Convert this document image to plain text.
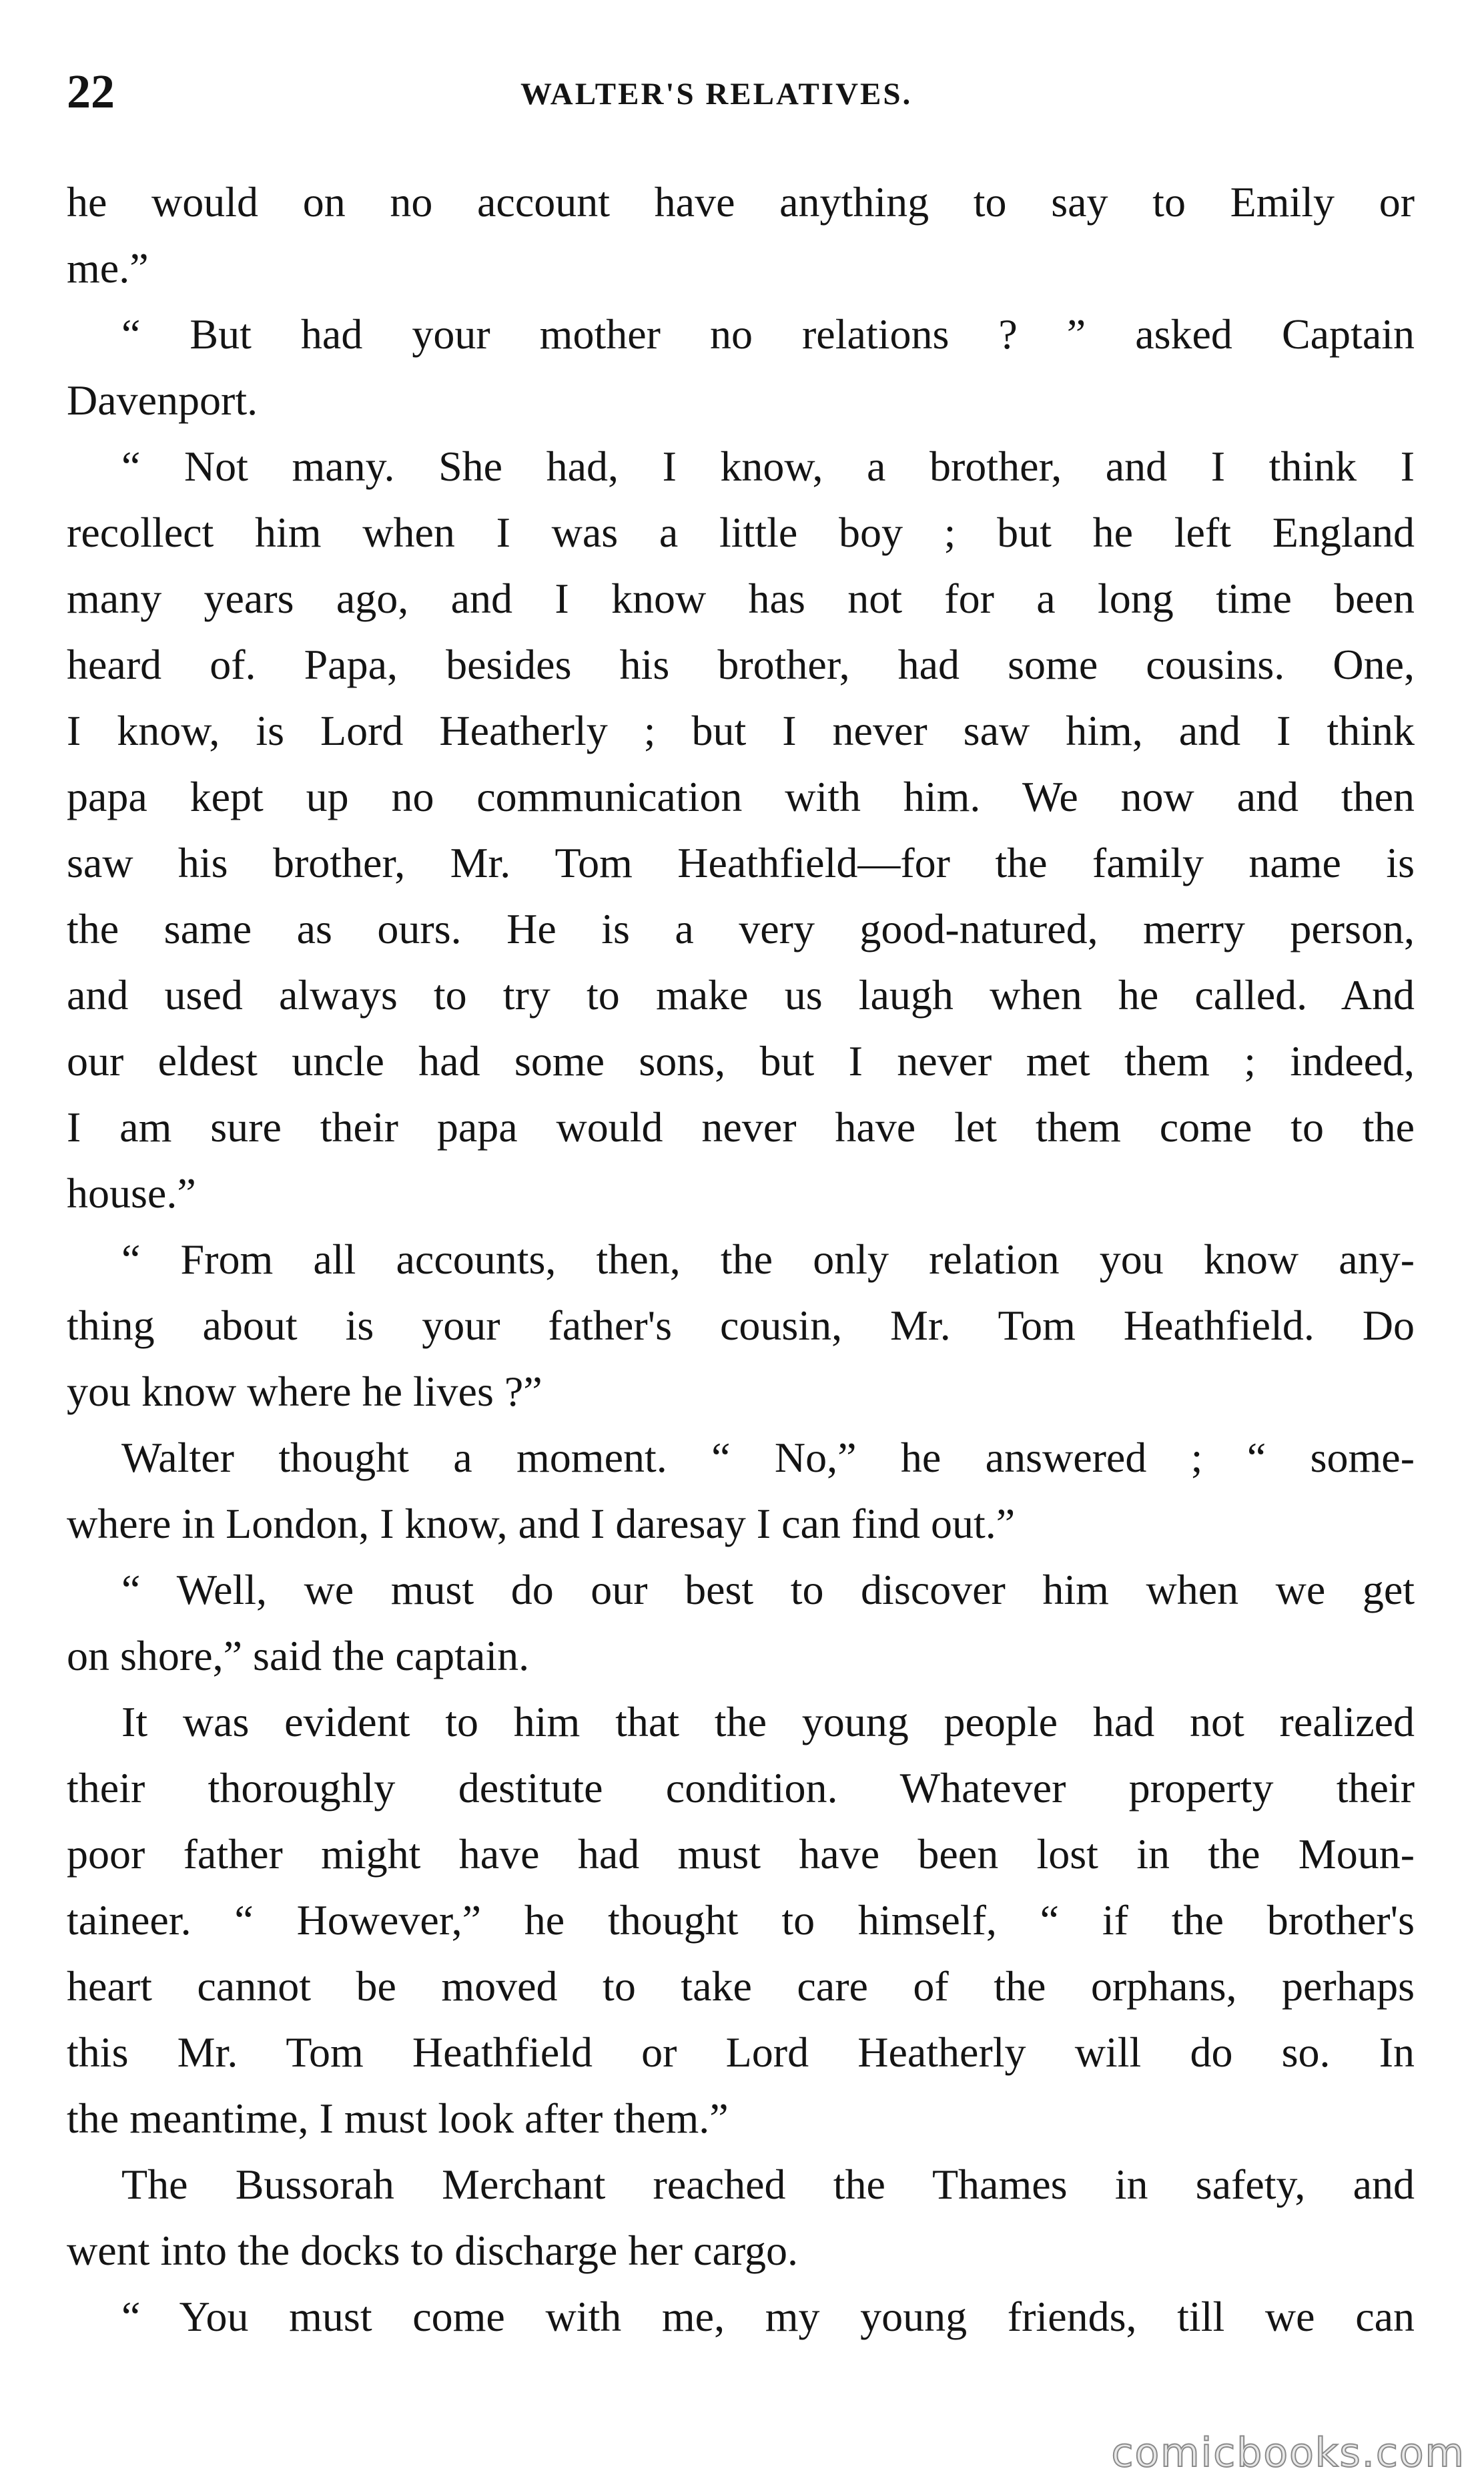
22	WALTER'S RELATIVES.
he would on no account have anything to say to Emily or
me.”
“ But had your mother no relations ? ” asked Captain
Davenport.
“ Not many. She had, I know, a brother, and I think I
recollect him when I was a little boy ; but he left England
many years ago, and I know has not for a long time been
heard of. Papa, besides his brother, had some cousins. One,
I know, is Lord Heatherly ; but I never saw him, and I think
papa kept up no communication with him. We now and then
saw his brother, Mr. Tom Heathfield—for the family name is
the same as ours. He is a very good-natured, merry person,
and used always to try to make us laugh when he called. And
our eldest uncle had some sons, but I never met them ; indeed,
I am sure their papa would never have let them come to the
house.”
“ From all accounts, then, the only relation you know any-
thing about is your father's cousin, Mr. Tom Heathfield. Do
you know where he lives ?”
Walter thought a moment. “ No,” he answered ; “ some-
where in London, I know, and I daresay I can find out.”
“ Well, we must do our best to discover him when we get
on shore,” said the captain.
It was evident to him that the young people had not realized
their thoroughly destitute condition. Whatever property their
poor father might have had must have been lost in the Moun-
taineer. “ However,” he thought to himself, “ if the brother's
heart cannot be moved to take care of the orphans, perhaps
this Mr. Tom Heathfield or Lord Heatherly will do so. In
the meantime, I must look after them.”
The Bussorah Merchant reached the Thames in safety, and
went into the docks to discharge her cargo.
“ You must come with me, my young friends, till we can
comicbooks.com
